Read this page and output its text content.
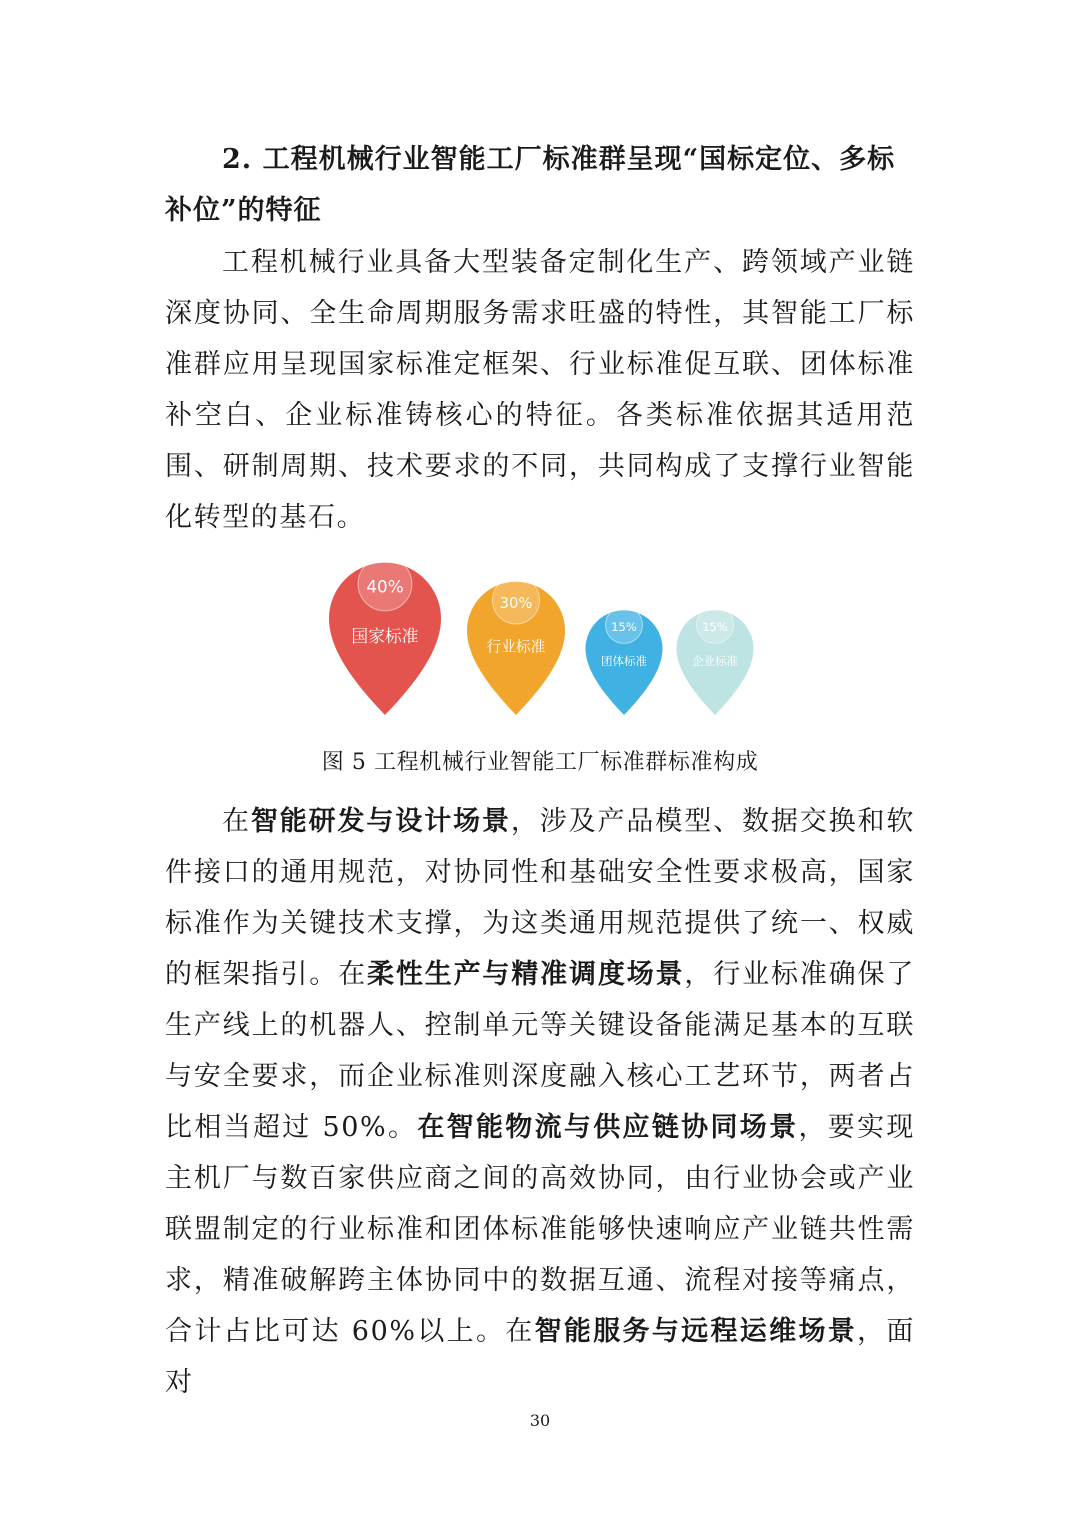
2. 工程机械行业智能工厂标准群呈现“国标定位、多标补位”的特征

工程机械行业具备大型装备定制化生产、跨领域产业链深度协同、全生命周期服务需求旺盛的特性，其智能工厂标准群应用呈现国家标准定框架、行业标准促互联、团体标准补空白、企业标准铸核心的特征。各类标准依据其适用范围、研制周期、技术要求的不同，共同构成了支撑行业智能化转型的基石。

40%
国家标准
30%
行业标准
15%
团体标准
15%
企业标准
图 5 工程机械行业智能工厂标准群标准构成

在智能研发与设计场景，涉及产品模型、数据交换和软件接口的通用规范，对协同性和基础安全性要求极高，国家标准作为关键技术支撑，为这类通用规范提供了统一、权威的框架指引。在柔性生产与精准调度场景，行业标准确保了生产线上的机器人、控制单元等关键设备能满足基本的互联与安全要求，而企业标准则深度融入核心工艺环节，两者占比相当超过 50%。在智能物流与供应链协同场景，要实现主机厂与数百家供应商之间的高效协同，由行业协会或产业联盟制定的行业标准和团体标准能够快速响应产业链共性需求，精准破解跨主体协同中的数据互通、流程对接等痛点，合计占比可达 60%以上。在智能服务与远程运维场景，面对

30
